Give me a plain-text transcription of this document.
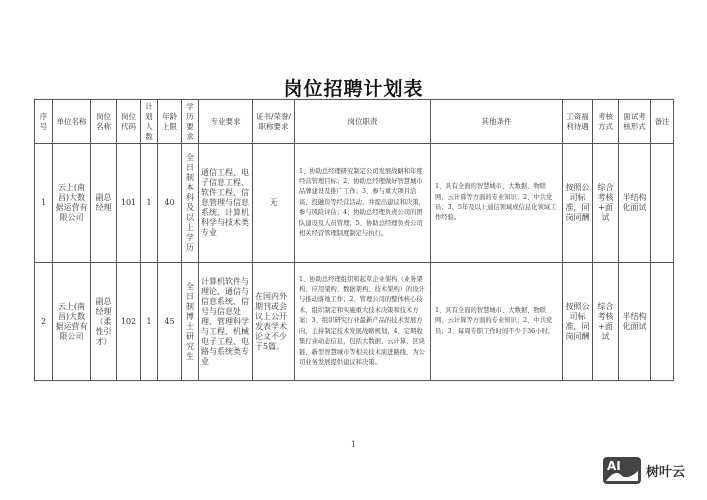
岗位招聘计划表
序号	单位名称	岗位名称	岗位代码	计划人数	年龄上限	学历要求	专业要求	证书/荣誉/职称要求	岗位职责	其他条件	工资福利待遇	考核方式	面试考核形式	备注
1	云上(南昌)大数据运营有限公司	副总经理	101	1	40	全日制本科及以上学历	通信工程、电子信息工程、软件工程、信息管理与信息系统、计算机科学与技术类专业	无	1、协助总经理研究制定公司发展战略和年度经营管理目标；2、协助总经理做好智慧城市品牌建设及推广工作；3、参与重大项目洽谈、投融资等经营活动，并提出建议和决策，参与风险评估；4、协助总经理负责公司的团队建设及人员管理；5、协助总经理负责公司相关经营管理制度制定与执行。	1、具有全面的智慧城市、大数据、物联网、云计算等方面的专业知识；2、中共党员；3、5年及以上通信领域或信息化领域工作经验。	按照公司标准，同岗同酬	综合考核+面试	半结构化面试	
2	云上(南昌)大数据运营有限公司	副总经理（柔性引才）	102	1	45	全日制博士研究生	计算机软件与理论、通信与信息系统、信号与信息处理、管理科学与工程、机械电子工程、电路与系统类专业	在国内外期刊或会议上公开发表学术论文不少于5篇。	1、协助总经理组织和起草企业架构（业务架构、应用架构、数据架构、技术架构）的设计与推动落地工作；2、管理公司的整体核心技术，组织制定和实施重大技术决策和技术方案；3、组织研究行业最新产品的技术发展方向，主持制定技术发展战略规划；4、定期收集行业动态信息，包括大数据、云计算、区块链、新型智慧城市等相关技术演进路线，为公司业务发展提供建议和决策。	1、具有全面的智慧城市、大数据、物联网、云计算等方面的专业知识；2、中共党员；3、每周专职工作时间不少于36小时。	按照公司标准，同岗同酬	综合考核+面试	半结构化面试	
1
AI 树叶云
